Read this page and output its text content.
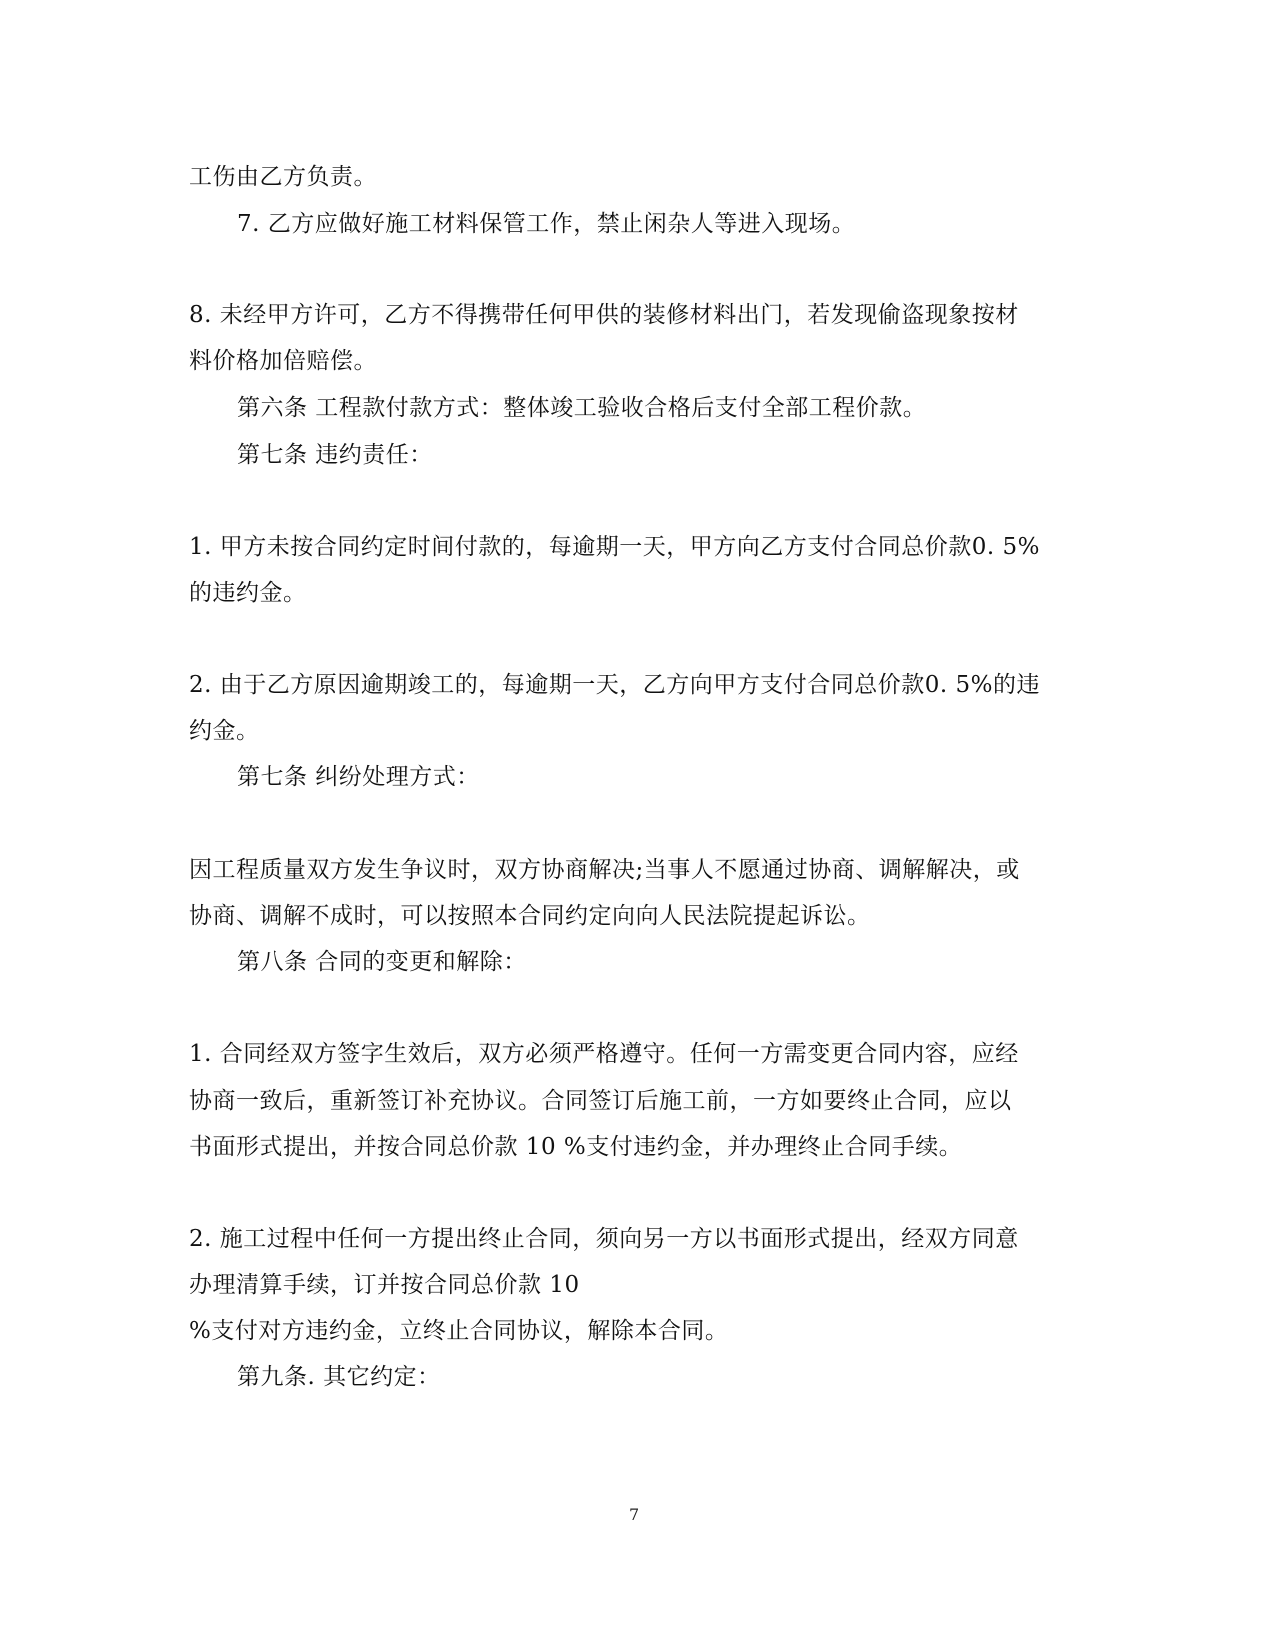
工伤由乙方负责。
7. 乙方应做好施工材料保管工作，禁止闲杂人等进入现场。
8. 未经甲方许可，乙方不得携带任何甲供的装修材料出门，若发现偷盗现象按材
料价格加倍赔偿。
第六条 工程款付款方式：整体竣工验收合格后支付全部工程价款。
第七条 违约责任：
1. 甲方未按合同约定时间付款的，每逾期一天，甲方向乙方支付合同总价款0. 5%
的违约金。
2. 由于乙方原因逾期竣工的，每逾期一天，乙方向甲方支付合同总价款0. 5%的违
约金。
第七条 纠纷处理方式：
因工程质量双方发生争议时，双方协商解决;当事人不愿通过协商、调解解决，或
协商、调解不成时，可以按照本合同约定向向人民法院提起诉讼。
第八条 合同的变更和解除：
1. 合同经双方签字生效后，双方必须严格遵守。任何一方需变更合同内容，应经
协商一致后，重新签订补充协议。合同签订后施工前，一方如要终止合同，应以
书面形式提出，并按合同总价款 10 %支付违约金，并办理终止合同手续。
2. 施工过程中任何一方提出终止合同，须向另一方以书面形式提出，经双方同意
办理清算手续，订并按合同总价款 10
%支付对方违约金，立终止合同协议，解除本合同。
第九条. 其它约定：
7
